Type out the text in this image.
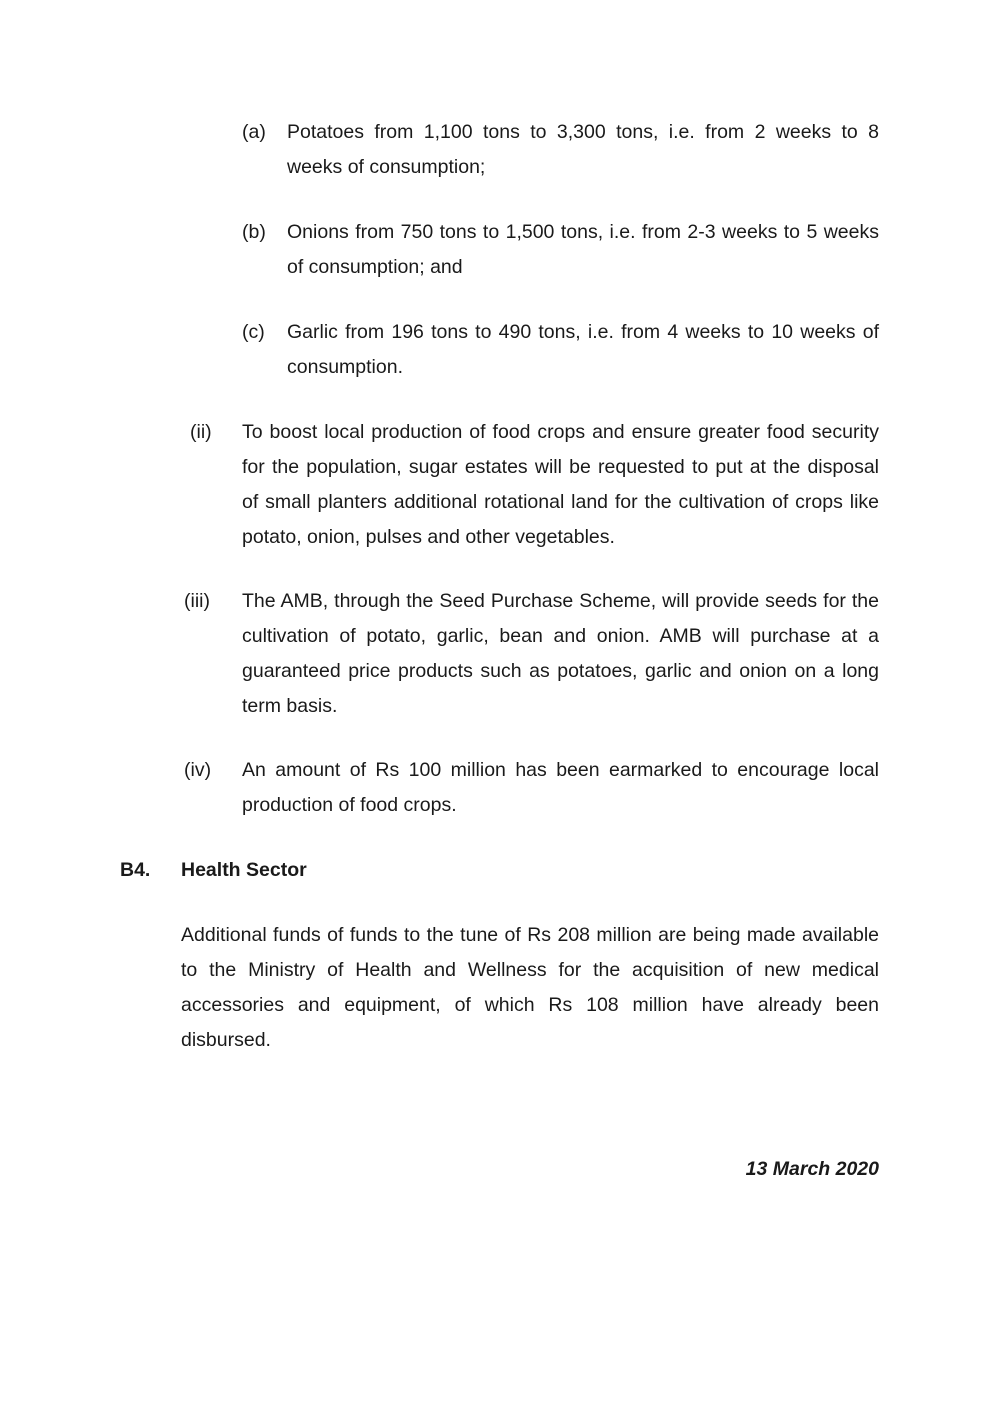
(a)	Potatoes from 1,100 tons to 3,300 tons, i.e. from 2 weeks to 8 weeks of consumption;

(b)	Onions from 750 tons to 1,500 tons, i.e. from 2-3 weeks to 5 weeks of consumption; and

(c)	Garlic from 196 tons to 490 tons, i.e. from 4 weeks to 10 weeks of consumption.

(ii)	To boost local production of food crops and ensure greater food security for the population, sugar estates will be requested to put at the disposal of small planters additional rotational land for the cultivation of crops like potato, onion, pulses and other vegetables.

(iii)	The AMB, through the Seed Purchase Scheme, will provide seeds for the cultivation of potato, garlic, bean and onion. AMB will purchase at a guaranteed price products such as potatoes, garlic and onion on a long term basis.

(iv)	An amount of Rs 100 million has been earmarked to encourage local production of food crops.

B4.	Health Sector

Additional funds of funds to the tune of Rs 208 million are being made available to the Ministry of Health and Wellness for the acquisition of new medical accessories and equipment, of which Rs 108 million have already been disbursed.

13 March 2020
